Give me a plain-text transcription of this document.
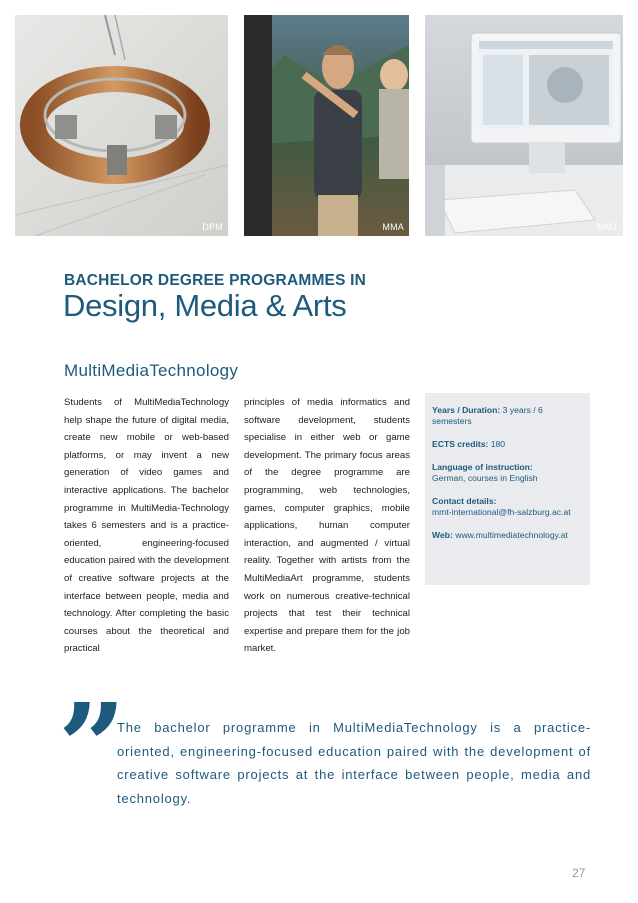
DPM	MMA	MMT
BACHELOR DEGREE PROGRAMMES IN
Design, Media & Arts
MultiMediaTechnology
Students of MultiMediaTechnology help shape the future of digital media, create new mobile or web-based platforms, or may invent a new generation of video games and interactive applications. The bachelor programme in MultiMedia-Technology takes 6 semesters and is a practice-oriented, engineering-focused education paired with the development of creative software projects at the interface between people, media and technology. After completing the basic courses about the theoretical and practical
principles of media informatics and software development, students specialise in either web or game development. The primary focus areas of the degree programme are programming, web technologies, games, computer graphics, mobile applications, human computer interaction, and augmented / virtual reality. Together with artists from the MultiMediaArt programme, students work on numerous creative-technical projects that test their technical expertise and prepare them for the job market.
Years / Duration: 3 years / 6 semesters
ECTS credits: 180
Language of instruction:
German, courses in English
Contact details:
mmt-international@fh-salzburg.ac.at
Web: www.multimediatechnology.at
” The bachelor programme in MultiMediaTechnology is a practice-oriented, engineering-focused education paired with the development of creative software projects at the interface between people, media and technology.
27
